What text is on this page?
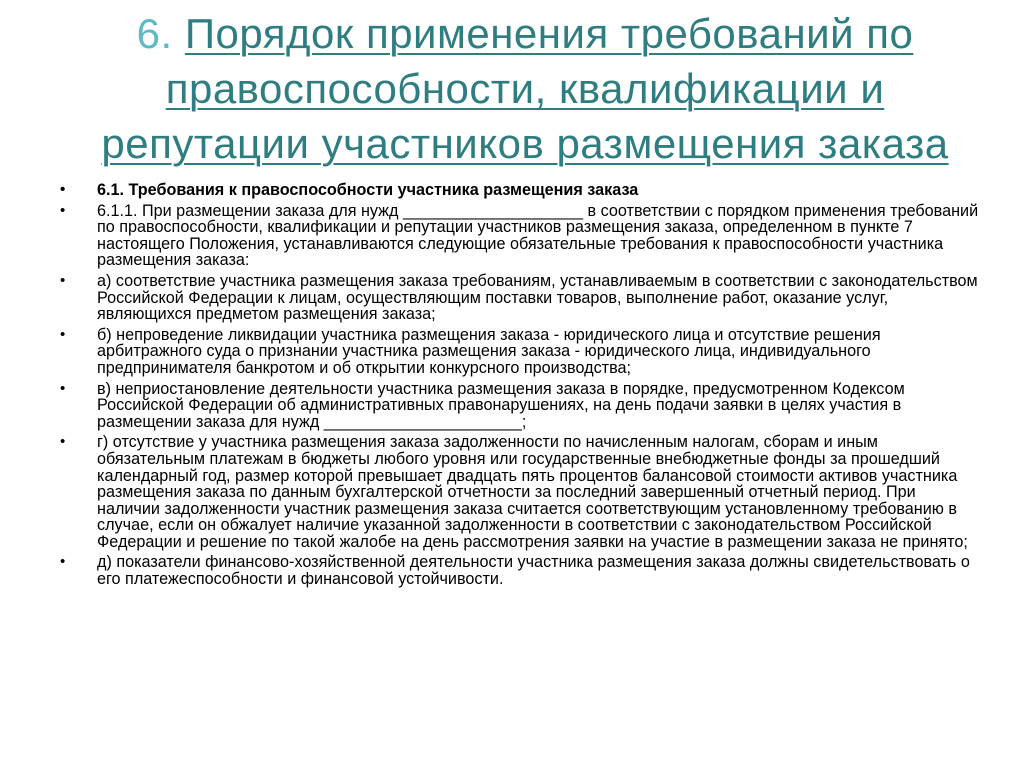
6. Порядок применения требований по правоспособности, квалификации и репутации участников размещения заказа
• 6.1. Требования к правоспособности участника размещения заказа
• 6.1.1. При размещении заказа для нужд ____________________ в соответствии с порядком применения требований по правоспособности, квалификации и репутации участников размещения заказа, определенном в пункте 7 настоящего Положения, устанавливаются следующие обязательные требования к правоспособности участника размещения заказа:
• а) соответствие участника размещения заказа требованиям, устанавливаемым в соответствии с законодательством Российской Федерации к лицам, осуществляющим поставки товаров, выполнение работ, оказание услуг, являющихся предметом размещения заказа;
• б) непроведение ликвидации участника размещения заказа - юридического лица и отсутствие решения арбитражного суда о признании участника размещения заказа - юридического лица, индивидуального предпринимателя банкротом и об открытии конкурсного производства;
• в) неприостановление деятельности участника размещения заказа в порядке, предусмотренном Кодексом Российской Федерации об административных правонарушениях, на день подачи заявки в целях участия в размещении заказа для нужд ______________________;
• г) отсутствие у участника размещения заказа задолженности по начисленным налогам, сборам и иным обязательным платежам в бюджеты любого уровня или государственные внебюджетные фонды за прошедший календарный год, размер которой превышает двадцать пять процентов балансовой стоимости активов участника размещения заказа по данным бухгалтерской отчетности за последний завершенный отчетный период. При наличии задолженности участник размещения заказа считается соответствующим установленному требованию в случае, если он обжалует наличие указанной задолженности в соответствии с законодательством Российской Федерации и решение по такой жалобе на день рассмотрения заявки на участие в размещении заказа не принято;
• д) показатели финансово-хозяйственной деятельности участника размещения заказа должны свидетельствовать о его платежеспособности и финансовой устойчивости.
